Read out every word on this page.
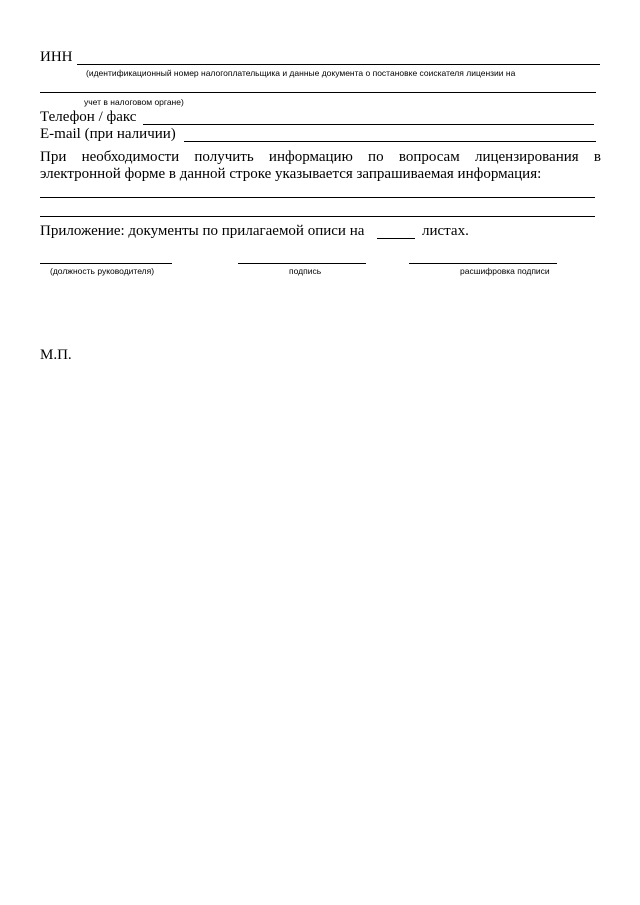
ИНН
(идентификационный номер налогоплательщика и данные документа о постановке соискателя лицензии на
учет в налоговом органе)
Телефон / факс
E-mail (при наличии)
При необходимости получить информацию по вопросам лицензирования в
электронной форме в данной строке указывается запрашиваемая информация:
Приложение: документы по прилагаемой описи на	листах.
(должность руководителя)	подпись	расшифровка подписи
М.П.
